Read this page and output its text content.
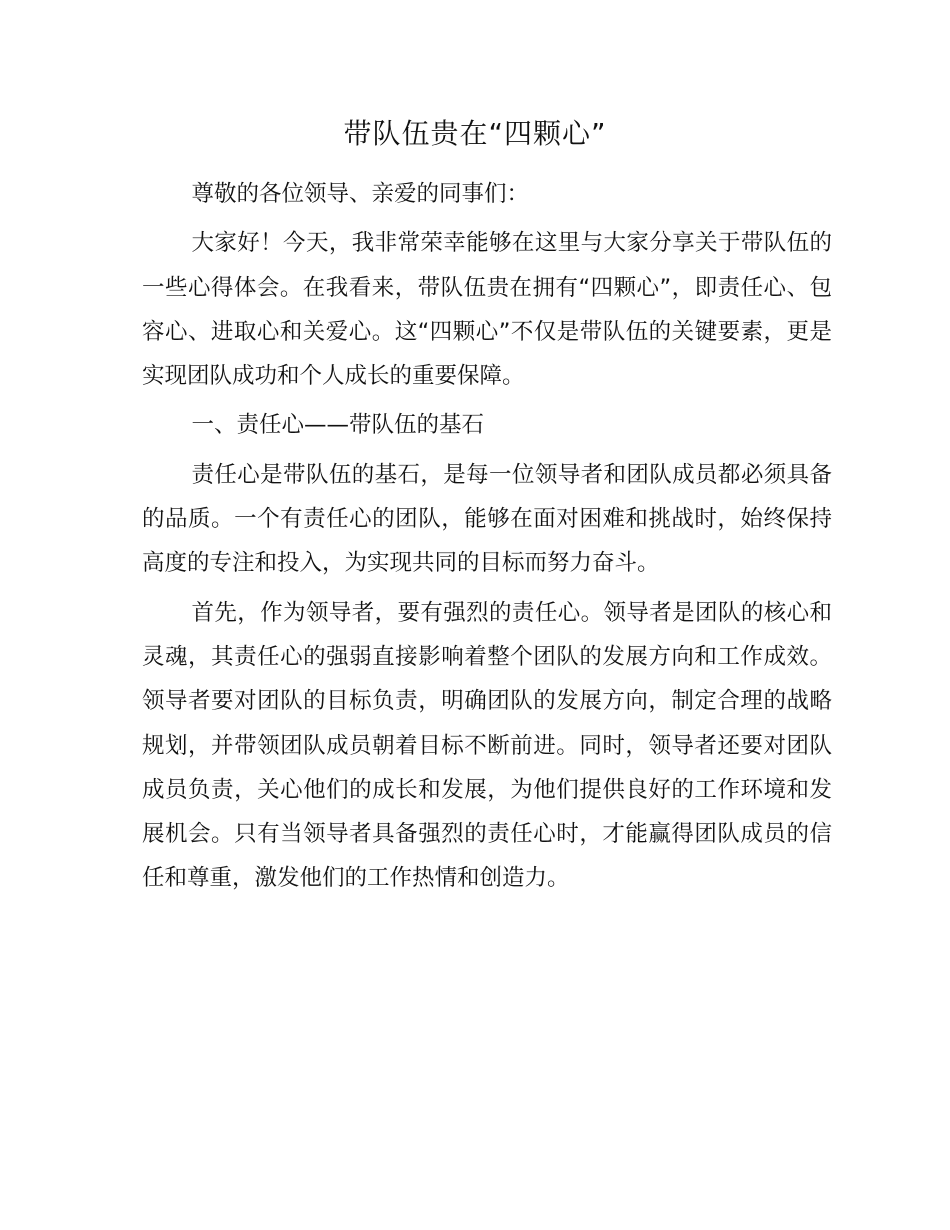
带队伍贵在“四颗心”

尊敬的各位领导、亲爱的同事们：

大家好！今天，我非常荣幸能够在这里与大家分享关于带队伍的一些心得体会。在我看来，带队伍贵在拥有“四颗心”，即责任心、包容心、进取心和关爱心。这“四颗心”不仅是带队伍的关键要素，更是实现团队成功和个人成长的重要保障。

一、责任心——带队伍的基石

责任心是带队伍的基石，是每一位领导者和团队成员都必须具备的品质。一个有责任心的团队，能够在面对困难和挑战时，始终保持高度的专注和投入，为实现共同的目标而努力奋斗。

首先，作为领导者，要有强烈的责任心。领导者是团队的核心和灵魂，其责任心的强弱直接影响着整个团队的发展方向和工作成效。领导者要对团队的目标负责，明确团队的发展方向，制定合理的战略规划，并带领团队成员朝着目标不断前进。同时，领导者还要对团队成员负责，关心他们的成长和发展，为他们提供良好的工作环境和发展机会。只有当领导者具备强烈的责任心时，才能赢得团队成员的信任和尊重，激发他们的工作热情和创造力。
